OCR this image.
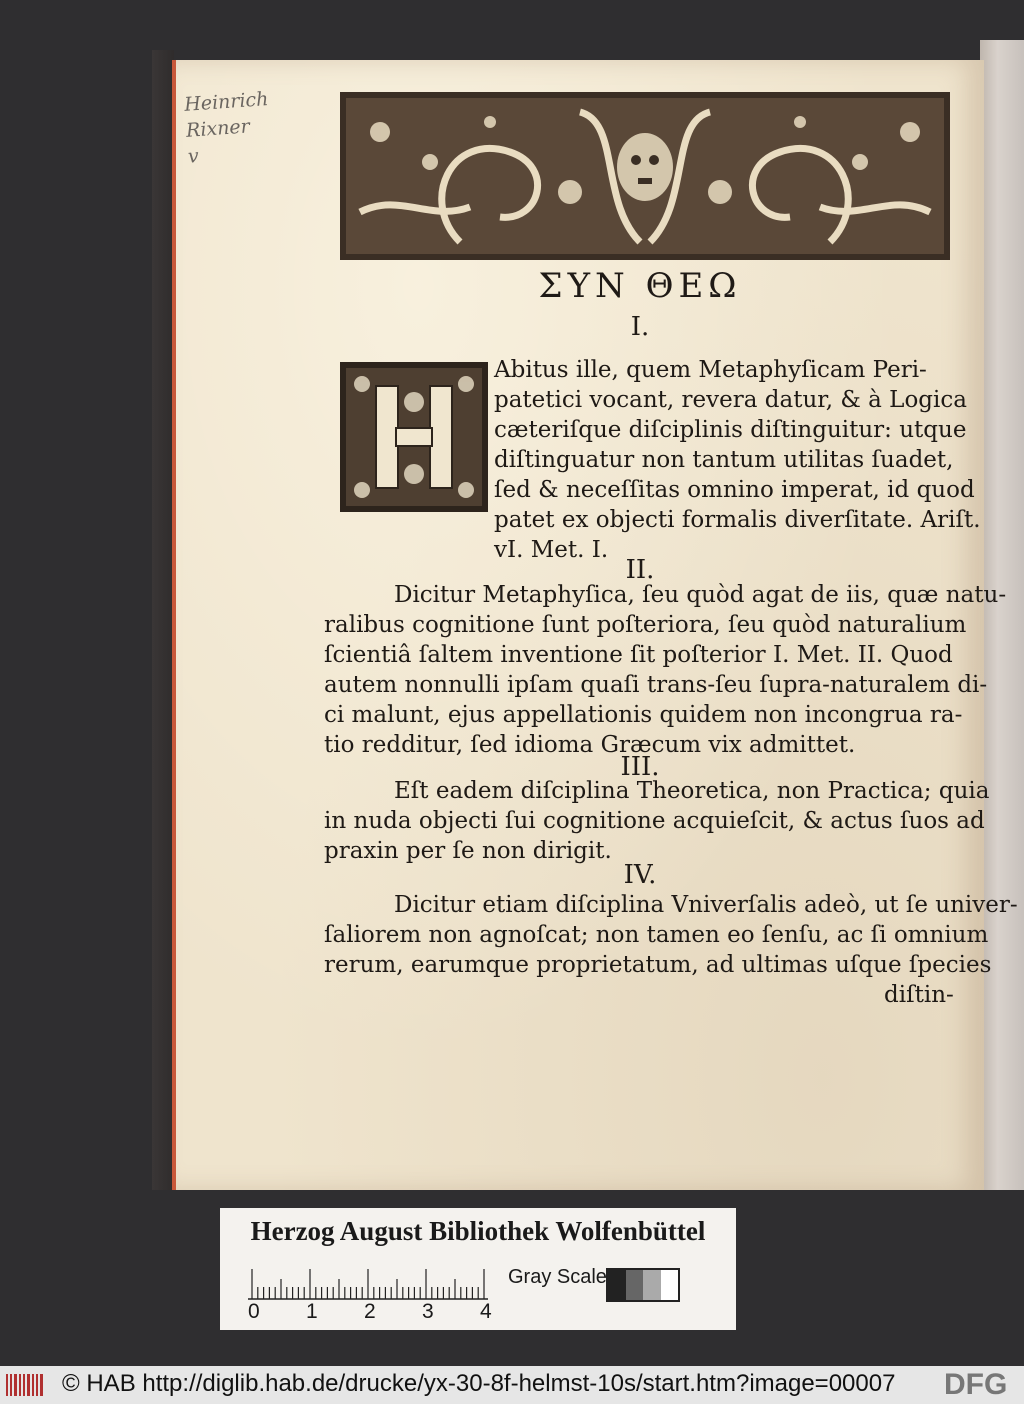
Heinrich
Rixner
v
ΣΥΝ ΘΕΩ
I.
Abitus ille, quem Metaphyſicam Peri-
patetici vocant, revera datur, & à Logica
cæteriſque diſciplinis diſtinguitur: utque
diſtinguatur non tantum utilitas ſuadet,
ſed & neceſſitas omnino imperat, id quod
patet ex objecti formalis diverſitate. Ariſt.
vI. Met. I.
II.
Dicitur Metaphyſica, ſeu quòd agat de iis, quæ natu-
ralibus cognitione ſunt poſteriora, ſeu quòd naturalium
ſcientiâ ſaltem inventione ſit poſterior I. Met. II. Quod
autem nonnulli ipſam quaſi trans-ſeu ſupra-naturalem di-
ci malunt, ejus appellationis quidem non incongrua ra-
tio redditur, ſed idioma Græcum vix admittet.
III.
Eſt eadem diſciplina Theoretica, non Practica; quia
in nuda objecti ſui cognitione acquieſcit, & actus ſuos ad
praxin per ſe non dirigit.
IV.
Dicitur etiam diſciplina Vniverſalis adeò, ut ſe univer-
ſaliorem non agnoſcat; non tamen eo ſenſu, ac ſi omnium
rerum, earumque proprietatum, ad ultimas uſque ſpecies
diſtin-
Herzog August Bibliothek Wolfenbüttel
0 1 2 3 4
Gray Scale
© HAB http://diglib.hab.de/drucke/yx-30-8f-helmst-10s/start.htm?image=00007 DFG
